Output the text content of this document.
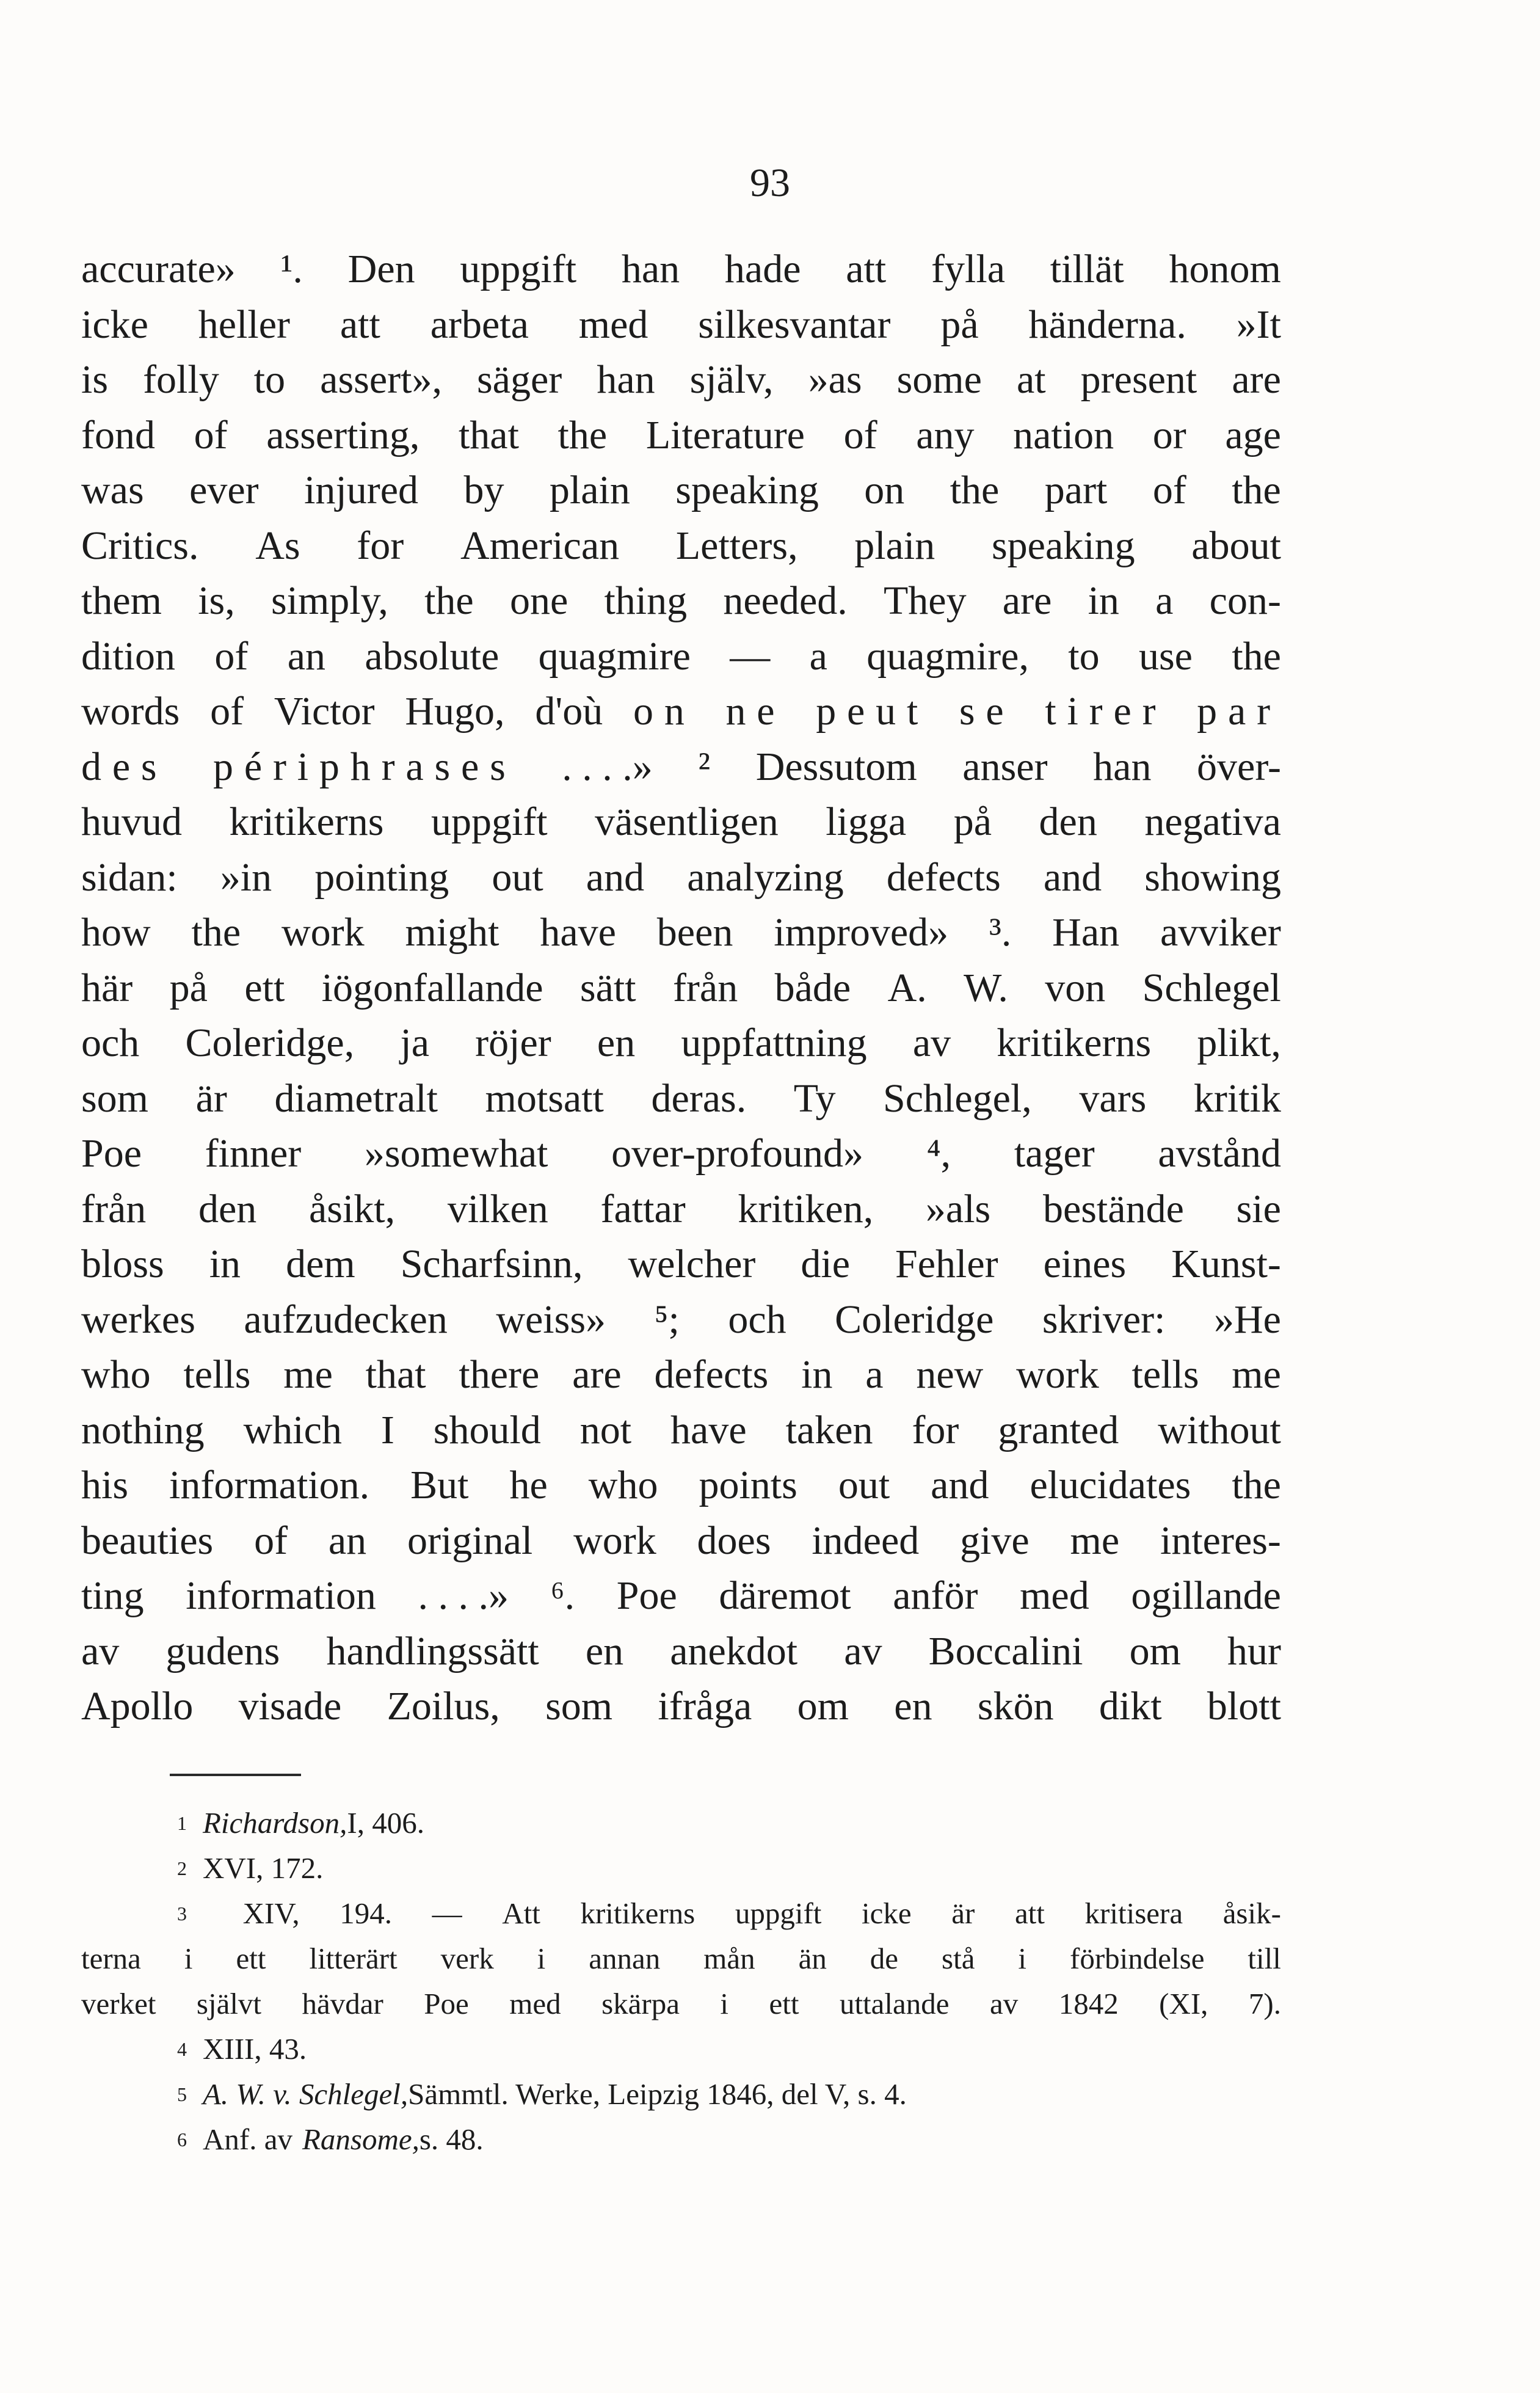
93
accurate» ¹. Den uppgift han hade att fylla tillät honom
icke heller att arbeta med silkesvantar på händerna. »It
is folly to assert», säger han själv, »as some at present are
fond of asserting, that the Literature of any nation or age
was ever injured by plain speaking on the part of the
Critics. As for American Letters, plain speaking about
them is, simply, the one thing needed. They are in a con-
dition of an absolute quagmire — a quagmire, to use the
words of Victor Hugo, d'où on ne peut se tirer par
des périphrases . . . .» ² Dessutom anser han över-
huvud kritikerns uppgift väsentligen ligga på den negativa
sidan: »in pointing out and analyzing defects and showing
how the work might have been improved» ³. Han avviker
här på ett iögonfallande sätt från både A. W. von Schlegel
och Coleridge, ja röjer en uppfattning av kritikerns plikt,
som är diametralt motsatt deras. Ty Schlegel, vars kritik
Poe finner »somewhat over-profound» ⁴, tager avstånd
från den åsikt, vilken fattar kritiken, »als beständе sie
bloss in dem Scharfsinn, welcher die Fehler eines Kunst-
werkes aufzudecken weiss» ⁵; och Coleridge skriver: »He
who tells me that there are defects in a new work tells me
nothing which I should not have taken for granted without
his information. But he who points out and elucidates the
beauties of an original work does indeed give me interes-
ting information . . . .» ⁶. Poe däremot anför med ogillande
av gudens handlingssätt en anekdot av Boccalini om hur
Apollo visade Zoilus, som ifråga om en skön dikt blott
1 Richardson, I, 406.
2 XVI, 172.
3 XIV, 194. — Att kritikerns uppgift icke är att kritisera åsik-
terna i ett litterärt verk i annan mån än de stå i förbindelse till
verket självt hävdar Poe med skärpa i ett uttalande av 1842 (XI, 7).
4 XIII, 43.
5 A. W. v. Schlegel, Sämmtl. Werke, Leipzig 1846, del V, s. 4.
6 Anf. av Ransome, s. 48.
